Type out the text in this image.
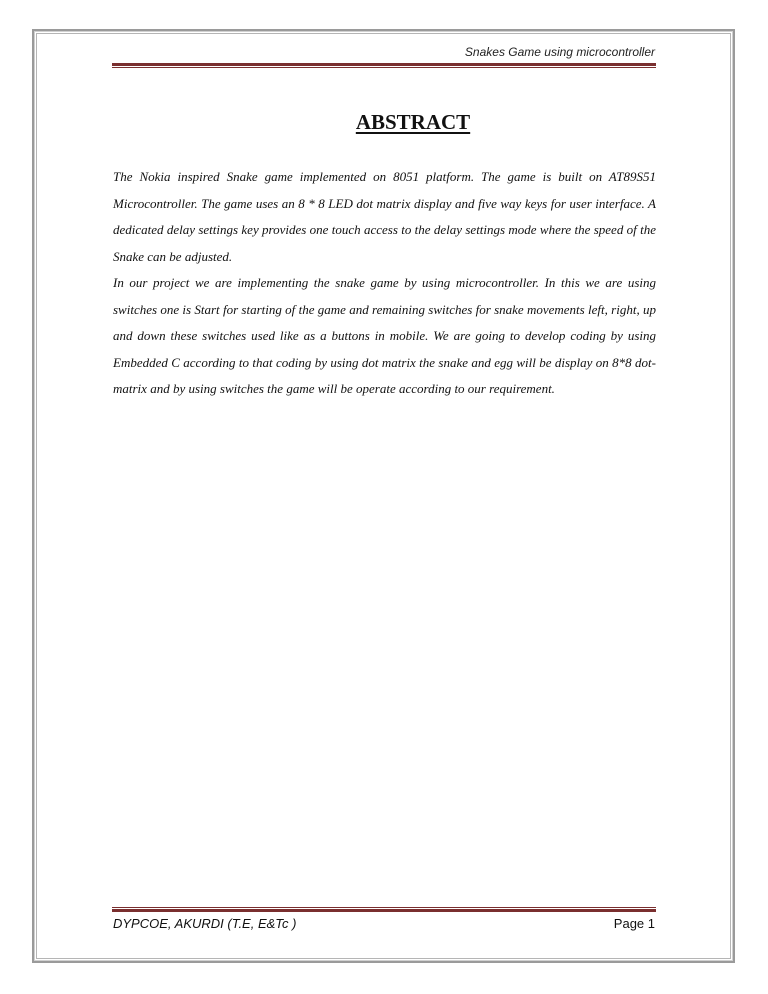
Snakes Game using microcontroller
ABSTRACT

The Nokia inspired Snake game implemented on 8051 platform. The game is built on AT89S51 Microcontroller. The game uses an 8 * 8 LED dot matrix display and five way keys for user interface. A dedicated delay settings key provides one touch access to the delay settings mode where the speed of the Snake can be adjusted.

In our project we are implementing the snake game by using microcontroller. In this we are using switches one is Start for starting of the game and remaining switches for snake movements left, right, up and down these switches used like as a buttons in mobile. We are going to develop coding by using Embedded C according to that coding by using dot matrix the snake and egg will be display on 8*8 dot-matrix and by using switches the game will be operate according to our requirement.

DYPCOE, AKURDI (T.E, E&Tc )	Page 1
